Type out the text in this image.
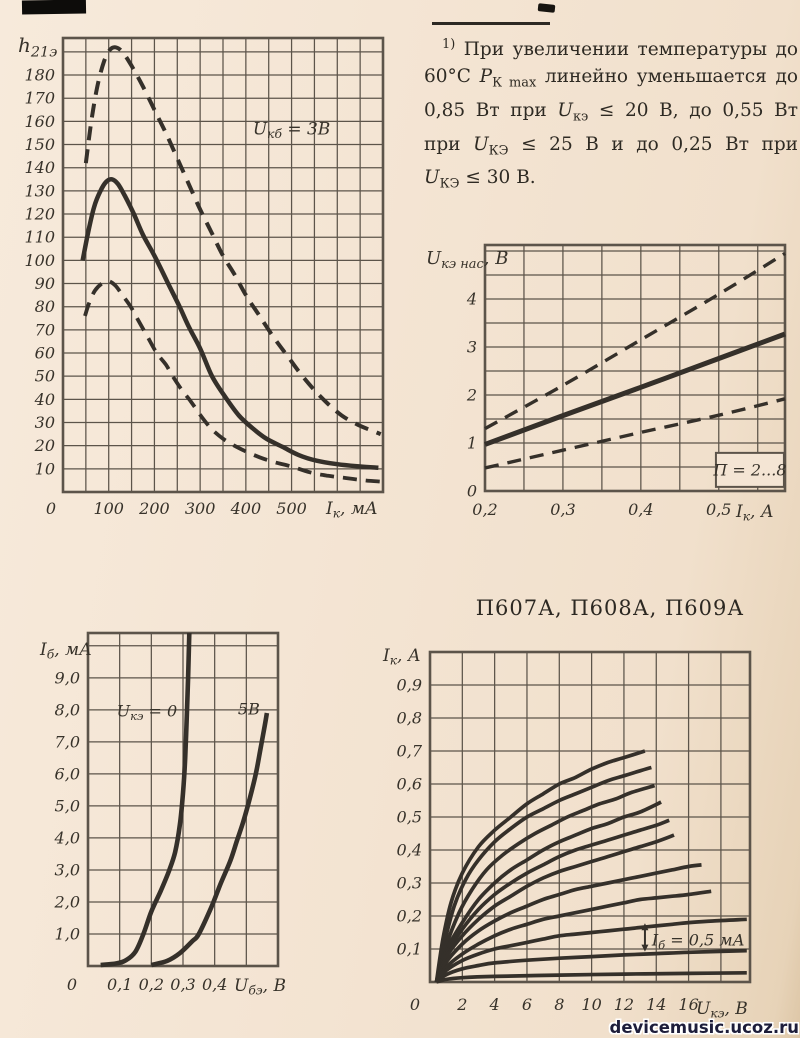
$^{1)}$ При увеличении температуры до
60°C $P_{К max}$ линейно уменьшается до
0,85 Вт при $U_{кэ} \le 20$ В, до 0,55 Вт
при $U_{КЭ} \le 25$ В и до 0,25 Вт при
$U_{КЭ} \le 30$ В.
П607А, П608А, П609А
0 100 200 300 400 500
10
20
30
40
50
60
70
80
90
100
110
120
130
140
150
160
170
180
$I_к$, мА
$h_{21э}$
$U_{кб} = 3В$
0,2	0,3	0,4	0,5
0
1
2
3
4
$I_к$, А
$U_{кэ нас}$, В
П = 2...8
0 0,1 0,2 0,3 0,4
1,0
2,0
3,0
4,0
5,0
6,0
7,0
8,0
9,0
$U_{бэ}$, В
$I_б$, мА
$U_{кэ} = 0$	5В
0 2 4 6 8 10 12 14 16
0,1
0,2
0,3
0,4
0,5
0,6
0,7
0,8
0,9
$U_{кэ}$, В
$I_к$, А
$I_б = 0,5$ мА
devicemusic.ucoz.ru
